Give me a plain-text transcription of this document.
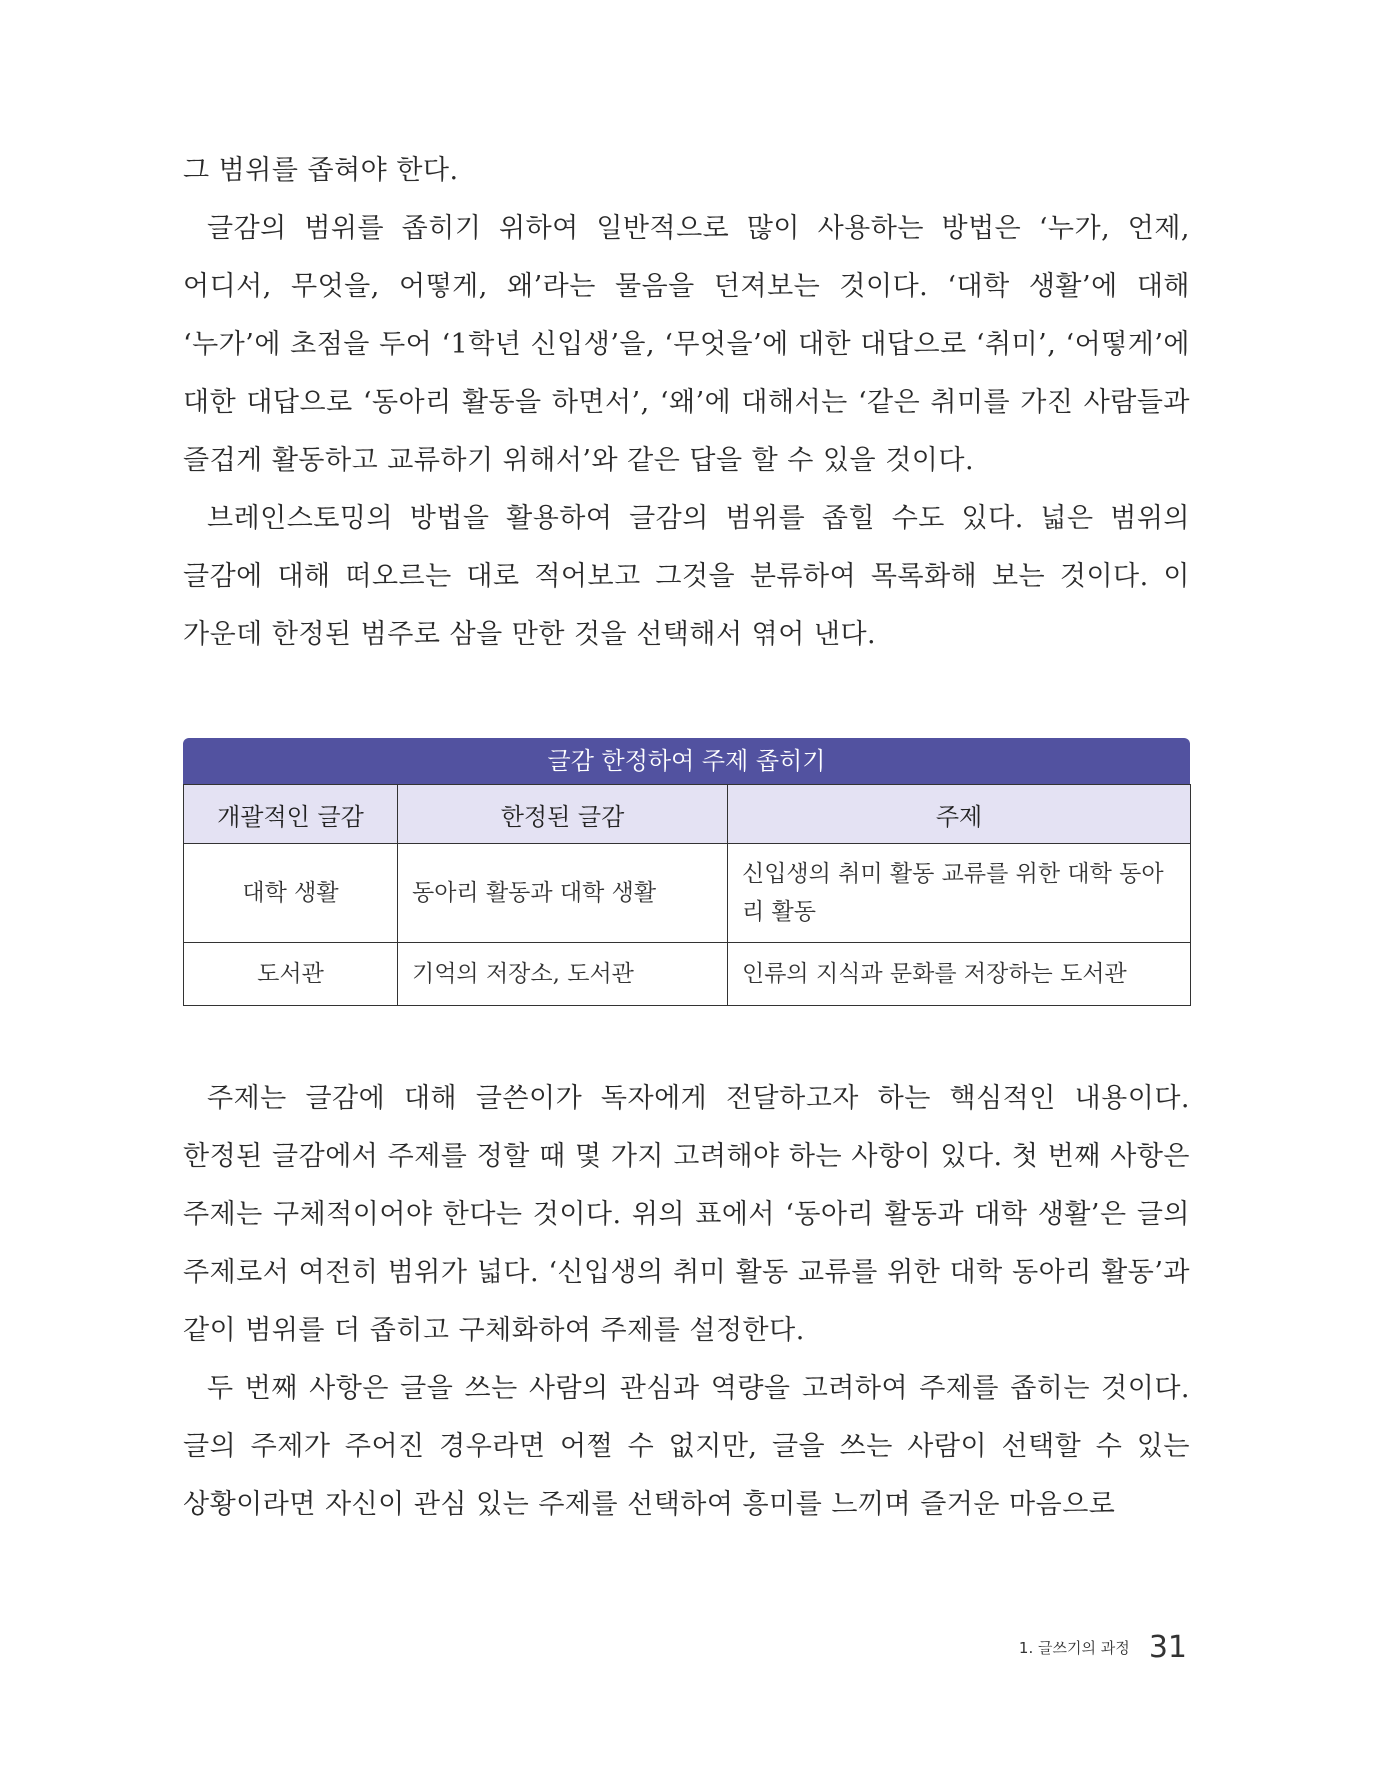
그 범위를 좁혀야 한다.

글감의 범위를 좁히기 위하여 일반적으로 많이 사용하는 방법은 ‘누가, 언제, 어디서, 무엇을, 어떻게, 왜’라는 물음을 던져보는 것이다. ‘대학 생활’에 대해 ‘누가’에 초점을 두어 ‘1학년 신입생’을, ‘무엇을’에 대한 대답으로 ‘취미’, ‘어떻게’에 대한 대답으로 ‘동아리 활동을 하면서’, ‘왜’에 대해서는 ‘같은 취미를 가진 사람들과 즐겁게 활동하고 교류하기 위해서’와 같은 답을 할 수 있을 것이다.

브레인스토밍의 방법을 활용하여 글감의 범위를 좁힐 수도 있다. 넓은 범위의 글감에 대해 떠오르는 대로 적어보고 그것을 분류하여 목록화해 보는 것이다. 이 가운데 한정된 범주로 삼을 만한 것을 선택해서 엮어 낸다.

글감 한정하여 주제 좁히기
개괄적인 글감	한정된 글감	주제
대학 생활	동아리 활동과 대학 생활	신입생의 취미 활동 교류를 위한 대학 동아리 활동
도서관	기억의 저장소, 도서관	인류의 지식과 문화를 저장하는 도서관

주제는 글감에 대해 글쓴이가 독자에게 전달하고자 하는 핵심적인 내용이다. 한정된 글감에서 주제를 정할 때 몇 가지 고려해야 하는 사항이 있다. 첫 번째 사항은 주제는 구체적이어야 한다는 것이다. 위의 표에서 ‘동아리 활동과 대학 생활’은 글의 주제로서 여전히 범위가 넓다. ‘신입생의 취미 활동 교류를 위한 대학 동아리 활동’과 같이 범위를 더 좁히고 구체화하여 주제를 설정한다.

두 번째 사항은 글을 쓰는 사람의 관심과 역량을 고려하여 주제를 좁히는 것이다. 글의 주제가 주어진 경우라면 어쩔 수 없지만, 글을 쓰는 사람이 선택할 수 있는 상황이라면 자신이 관심 있는 주제를 선택하여 흥미를 느끼며 즐거운 마음으로

1. 글쓰기의 과정 31
